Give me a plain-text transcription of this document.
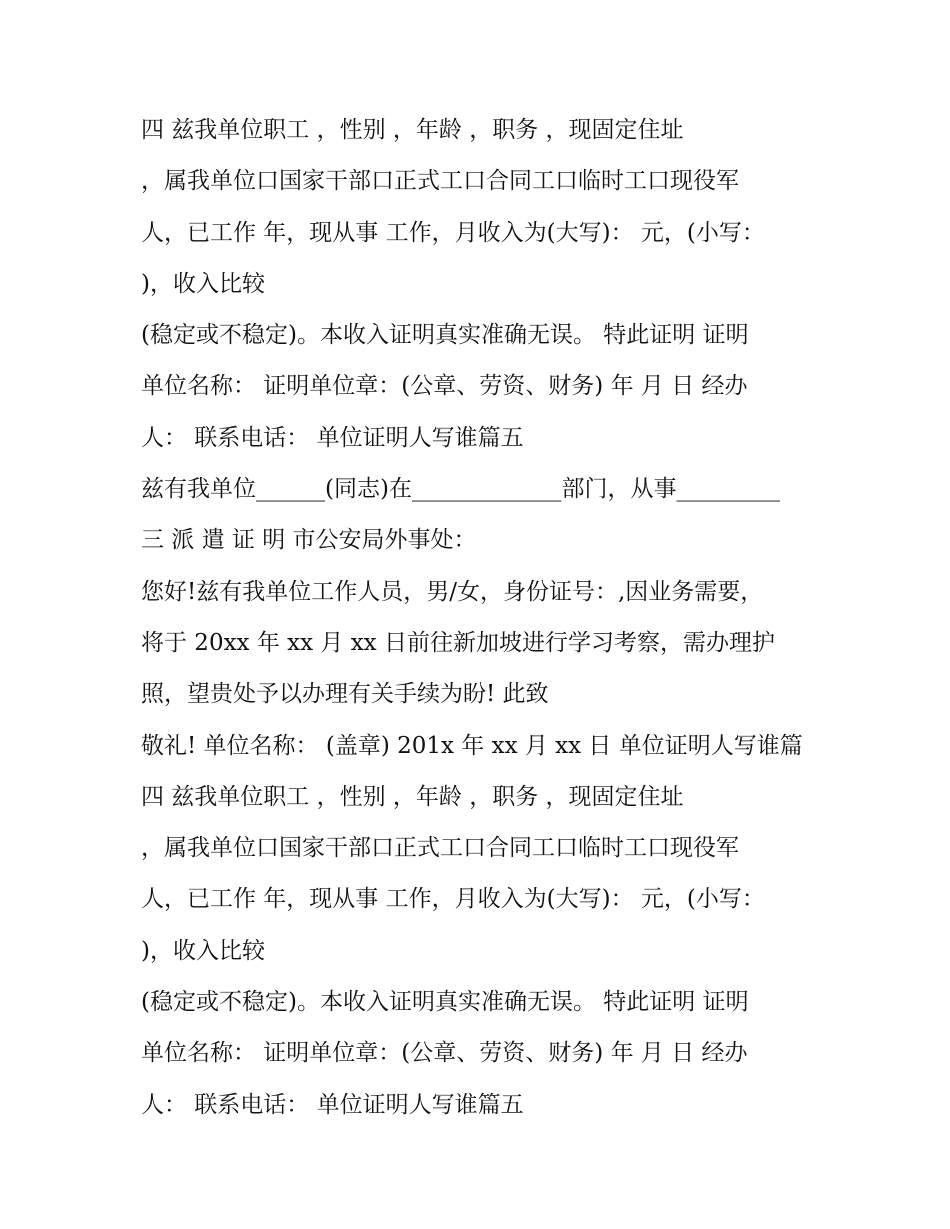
四 兹我单位职工 ，性别 ，年龄 ，职务 ，现固定住址
，属我单位口国家干部口正式工口合同工口临时工口现役军
人，已工作 年，现从事 工作，月收入为(大写)： 元，(小写：
)，收入比较
(稳定或不稳定)。本收入证明真实准确无误。 特此证明 证明
单位名称： 证明单位章：(公章、劳资、财务) 年 月 日 经办
人： 联系电话： 单位证明人写谁篇五
兹有我单位______(同志)在_____________部门，从事_________
三 派 遣 证 明 市公安局外事处：
您好!兹有我单位工作人员，男/女，身份证号：,因业务需要，
将于 20xx 年 xx 月 xx 日前往新加坡进行学习考察，需办理护
照，望贵处予以办理有关手续为盼! 此致
敬礼! 单位名称： (盖章) 201x 年 xx 月 xx 日 单位证明人写谁篇
四 兹我单位职工 ，性别 ，年龄 ，职务 ，现固定住址
，属我单位口国家干部口正式工口合同工口临时工口现役军
人，已工作 年，现从事 工作，月收入为(大写)： 元，(小写：
)，收入比较
(稳定或不稳定)。本收入证明真实准确无误。 特此证明 证明
单位名称： 证明单位章：(公章、劳资、财务) 年 月 日 经办
人： 联系电话： 单位证明人写谁篇五
